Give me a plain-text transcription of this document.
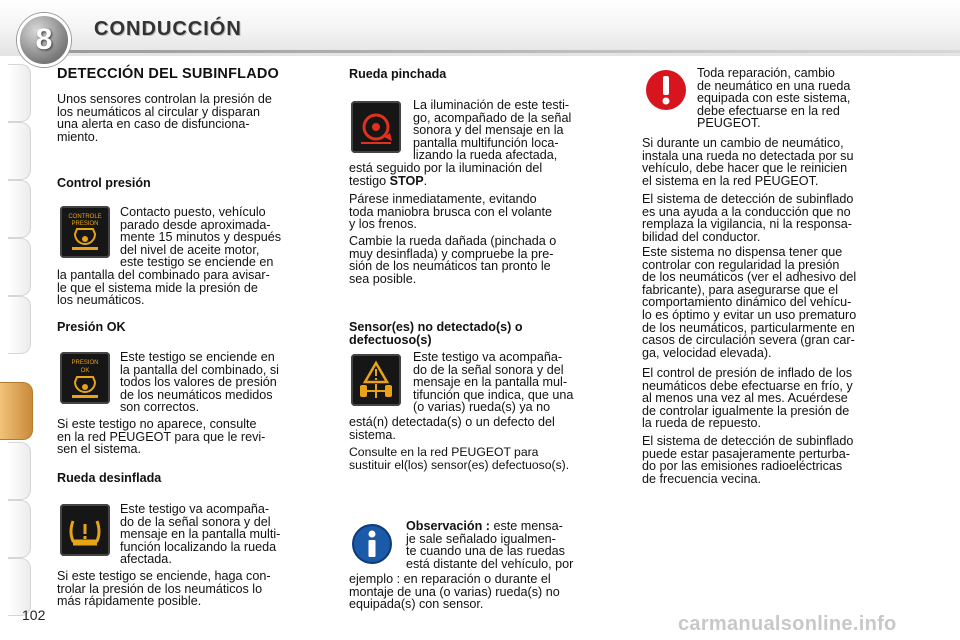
8 CONDUCCIÓN
102
DETECCIÓN DEL SUBINFLADO
Unos sensores controlan la presión de
los neumáticos al circular y disparan
una alerta en caso de disfunciona-
miento.
Control presión
CONTROLE
PRESION
Contacto puesto, vehículo
parado desde aproximada-
mente 15 minutos y después
del nivel de aceite motor,
este testigo se enciende en
la pantalla del combinado para avisar-
le que el sistema mide la presión de
los neumáticos.
Presión OK
PRESION
OK
Este testigo se enciende en
la pantalla del combinado, si
todos los valores de presión
de los neumáticos medidos
son correctos.
Si este testigo no aparece, consulte
en la red PEUGEOT para que le revi-
sen el sistema.
Rueda desinflada
Este testigo va acompaña-
do de la señal sonora y del
mensaje en la pantalla multi-
función localizando la rueda
afectada.
Si este testigo se enciende, haga con-
trolar la presión de los neumáticos lo
más rápidamente posible.
Rueda pinchada
La iluminación de este testi-
go, acompañado de la señal
sonora y del mensaje en la
pantalla multifunción loca-
lizando la rueda afectada,
está seguido por la iluminación del
testigo STOP.
Párese inmediatamente, evitando
toda maniobra brusca con el volante
y los frenos.
Cambie la rueda dañada (pinchada o
muy desinflada) y compruebe la pre-
sión de los neumáticos tan pronto le
sea posible.
Sensor(es) no detectado(s) o
defectuoso(s)
Este testigo va acompaña-
do de la señal sonora y del
mensaje en la pantalla mul-
tifunción que indica, que una
(o varias) rueda(s) ya no
está(n) detectada(s) o un defecto del
sistema.
Consulte en la red PEUGEOT para
sustituir el(los) sensor(es) defectuoso(s).
Observación : este mensa-
je sale señalado igualmen-
te cuando una de las ruedas
está distante del vehículo, por
ejemplo : en reparación o durante el
montaje de una (o varias) rueda(s) no
equipada(s) con sensor.
Toda reparación, cambio
de neumático en una rueda
equipada con este sistema,
debe efectuarse en la red
PEUGEOT.
Si durante un cambio de neumático,
instala una rueda no detectada por su
vehículo, debe hacer que le reinicien
el sistema en la red PEUGEOT.
El sistema de detección de subinflado
es una ayuda a la conducción que no
remplaza la vigilancia, ni la responsa-
bilidad del conductor.
Este sistema no dispensa tener que
controlar con regularidad la presión
de los neumáticos (ver el adhesivo del
fabricante), para asegurarse que el
comportamiento dinámico del vehícu-
lo es óptimo y evitar un uso prematuro
de los neumáticos, particularmente en
casos de circulación severa (gran car-
ga, velocidad elevada).
El control de presión de inflado de los
neumáticos debe efectuarse en frío, y
al menos una vez al mes. Acuérdese
de controlar igualmente la presión de
la rueda de repuesto.
El sistema de detección de subinflado
puede estar pasajeramente perturba-
do por las emisiones radioeléctricas
de frecuencia vecina.
carmanualsonline.info
